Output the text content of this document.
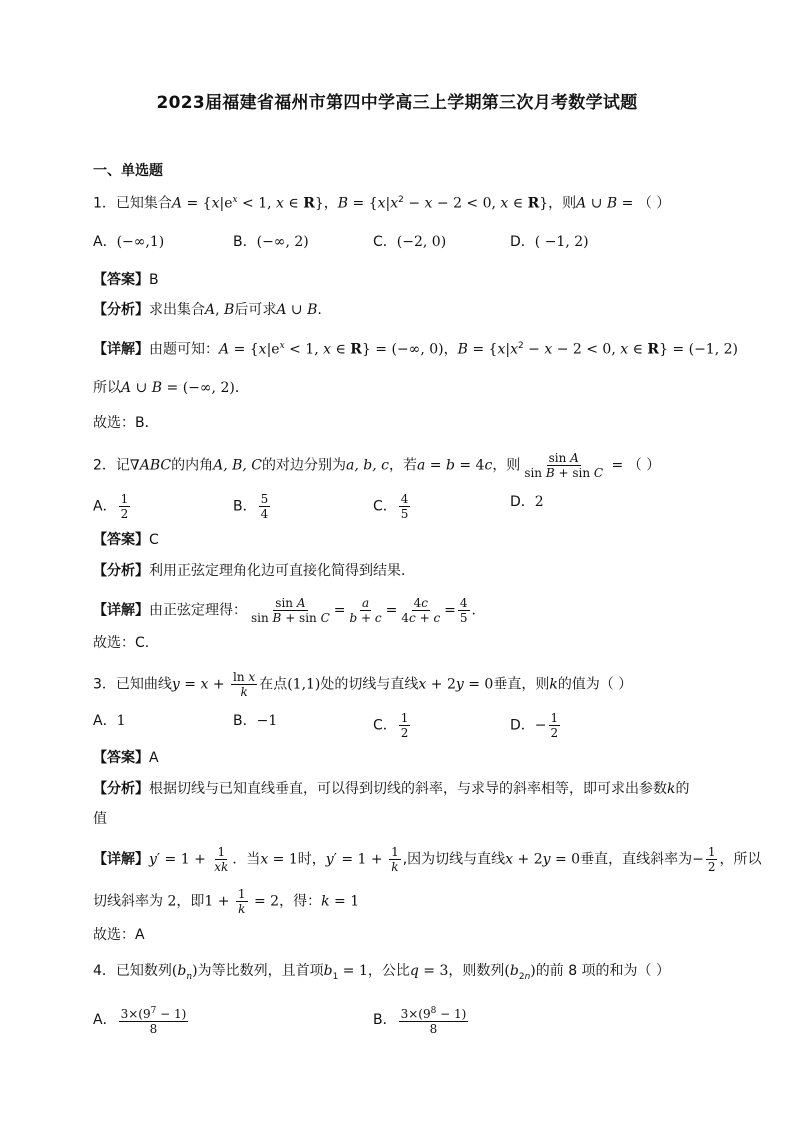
2023届福建省福州市第四中学高三上学期第三次月考数学试题
一、单选题
1．已知集合$A = \{x|e^x < 1$, x ∈ R}，$B = \{x|x^2 - x - 2 < 0$, x ∈ R}，则A ∪ B = （ ）
A．(−∞,1)	B．(−∞, 2)	C．(−2, 0)	D．( −1, 2)
【答案】B
【分析】求出集合A, B后可求A ∪ B.
【详解】由题可知：$A = \{x|e^x < 1$, x ∈ R} = (−∞, 0)，$B = \{x|x^2 - x - 2 < 0$, x ∈ R} = (−1, 2)
所以A ∪ B = (−∞, 2)．
故选：B．
2．记∇ABC的内角A, B, C的对边分别为a, b, c，若a = b = 4c，则 $\frac{\text{sin A}}{\text{sin B + sin C}}$ = （ ）
A． $\frac{1}{2}$	B． $\frac{5}{4}$	C． $\frac{4}{5}$	D．2
【答案】C
【分析】利用正弦定理角化边可直接化简得到结果.
【详解】由正弦定理得： $\frac{\text{sin A}}{\text{sin B + sin C}} = \frac{a}{b + c} = \frac{4c}{4c + c} = \frac{4}{5}$ .
故选：C.
3．已知曲线$y = x + \frac{\text{ln x}}{k}$ 在点(1,1)处的切线与直线x + 2y = 0垂直，则k的值为（ ）
A．1	B．−1	C． $\frac{1}{2}$	D．− $\frac{1}{2}$
【答案】A
【分析】根据切线与已知直线垂直，可以得到切线的斜率，与求导的斜率相等，即可求出参数k的
值
【详解】$y' = 1 + \frac{1}{xk}$ ．当x = 1时，$y' = 1 + \frac{1}{k}$ ,因为切线与直线x + 2y = 0垂直，直线斜率为− $\frac{1}{2}$ ，所以
切线斜率为 2，即$1 + \frac{1}{k} = 2$，得：k = 1
故选：A
4．已知数列$(b_n)$为等比数列，且首项$b_1 = 1$，公比q = 3，则数列$(b_{2n})$的前 8 项的和为（ ）
A． $\frac{3\times(9^7 - 1)}{8}$	B． $\frac{3\times(9^8 - 1)}{8}$
